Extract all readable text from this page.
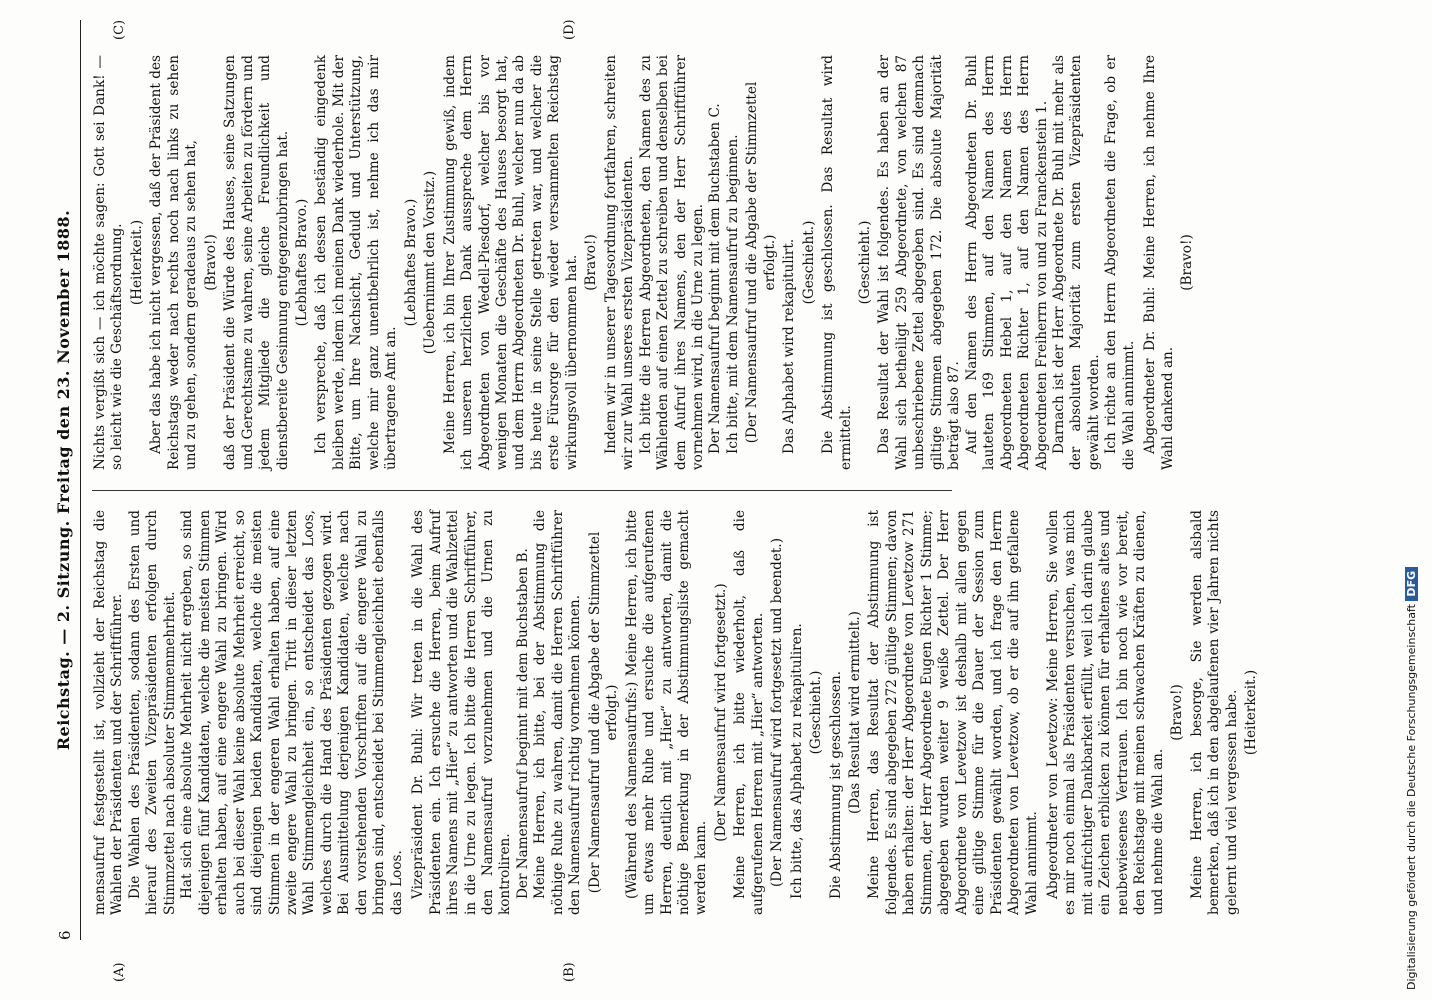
6
Reichstag. — 2. Sitzung. Freitag den 23. November 1888.
(A)	(B)
(C)	(D)

mensaufruf festgestellt ist, vollzieht der Reichstag die Wahlen der Präsidenten und der Schriftführer. Die Wahlen des Präsidenten, sodann des Ersten und hierauf des Zweiten Vizepräsidenten erfolgen durch Stimmzettel nach absoluter Stimmenmehrheit. Hat sich eine absolute Mehrheit nicht ergeben, so sind diejenigen fünf Kandidaten, welche die meisten Stimmen erhalten haben, auf eine engere Wahl zu bringen. Wird auch bei dieser Wahl keine absolute Mehrheit erreicht, so sind diejenigen beiden Kandidaten, welche die meisten Stimmen in der engeren Wahl erhalten haben, auf eine zweite engere Wahl zu bringen. Tritt in dieser letzten Wahl Stimmengleichheit ein, so entscheidet das Loos, welches durch die Hand des Präsidenten gezogen wird. Bei Ausmittelung derjenigen Kandidaten, welche nach den vorstehenden Vorschriften auf die engere Wahl zu bringen sind, entscheidet bei Stimmengleichheit ebenfalls das Loos. Vizepräsident Dr. Buhl: Wir treten in die Wahl des Präsidenten ein. Ich ersuche die Herren, beim Aufruf ihres Namens mit „Hier“ zu antworten und die Wahlzettel in die Urne zu legen. Ich bitte die Herren Schriftführer, den Namensaufruf vorzunehmen und die Urnen zu kontroliren. Der Namensaufruf beginnt mit dem Buchstaben B. Meine Herren, ich bitte, bei der Abstimmung die nöthige Ruhe zu wahren, damit die Herren Schriftführer den Namensaufruf richtig vornehmen können. (Der Namensaufruf und die Abgabe der Stimmzettel erfolgt.) (Während des Namensaufrufs:) Meine Herren, ich bitte um etwas mehr Ruhe und ersuche die aufgerufenen Herren, deutlich mit „Hier“ zu antworten, damit die nöthige Bemerkung in der Abstimmungsliste gemacht werden kann.

(Der Namensaufruf wird fortgesetzt.) Meine Herren, ich bitte wiederholt, daß die aufgerufenen Herren mit „Hier“ antworten. (Der Namensaufruf wird fortgesetzt und beendet.) Ich bitte, das Alphabet zu rekapituliren. (Geschieht.) Die Abstimmung ist geschlossen. (Das Resultat wird ermittelt.) Meine Herren, das Resultat der Abstimmung ist folgendes. Es sind abgegeben 272 gültige Stimmen; davon haben erhalten: der Herr Abgeordnete von Levetzow 271 Stimmen, der Herr Abgeordnete Eugen Richter 1 Stimme; abgegeben wurden weiter 9 weiße Zettel. Der Herr Abgeordnete von Levetzow ist deshalb mit allen gegen eine giltige Stimme für die Dauer der Session zum Präsidenten gewählt worden, und ich frage den Herrn Abgeordneten von Levetzow, ob er die auf ihn gefallene Wahl annimmt. Abgeordneter von Levetzow: Meine Herren, Sie wollen es mir noch einmal als Präsidenten versuchen, was mich mit aufrichtiger Dankbarkeit erfüllt, weil ich darin glaube ein Zeichen erblicken zu können für erhaltenes altes und neubewiesenes Vertrauen. Ich bin noch wie vor bereit, den Reichstage mit meinen schwachen Kräften zu dienen, und nehme die Wahl an.

(Bravo!) Meine Herren, ich besorge, Sie werden alsbald bemerken, daß ich in den abgelaufenen vier Jahren nichts gelernt und viel vergessen habe. (Heiterkeit.)

Nichts vergißt sich — ich möchte sagen: Gott sei Dank! — so leicht wie die Geschäftsordnung. (Heiterkeit.) Aber das habe ich nicht vergessen, daß der Präsident des Reichstags weder nach rechts noch nach links zu sehen und zu gehen, sondern geradeaus zu sehen hat, (Bravo!) daß der Präsident die Würde des Hauses, seine Satzungen und Gerechtsame zu wahren, seine Arbeiten zu fördern und jedem Mitgliede die gleiche Freundlichkeit und dienstbereite Gesinnung entgegenzubringen hat. (Lebhaftes Bravo.) Ich verspreche, daß ich dessen beständig eingedenk bleiben werde, indem ich meinen Dank wiederhole. Mit der Bitte, um Ihre Nachsicht, Geduld und Unterstützung, welche mir ganz unentbehrlich ist, nehme ich das mir übertragene Amt an.

(Lebhaftes Bravo.) (Uebernimmt den Vorsitz.) Meine Herren, ich bin Ihrer Zustimmung gewiß, indem ich unseren herzlichen Dank ausspreche dem Herrn Abgeordneten von Wedell-Piesdorf, welcher bis vor wenigen Monaten die Geschäfte des Hauses besorgt hat, und dem Herrn Abgeordneten Dr. Buhl, welcher nun da ab bis heute in seine Stelle getreten war, und welcher die erste Fürsorge für den wieder versammelten Reichstag wirkungsvoll übernommen hat. (Bravo!) Indem wir in unserer Tagesordnung fortfahren, schreiten wir zur Wahl unseres ersten Vizepräsidenten. Ich bitte die Herren Abgeordneten, den Namen des zu Wählenden auf einen Zettel zu schreiben und denselben bei dem Aufruf ihres Namens, den der Herr Schriftführer vornehmen wird, in die Urne zu legen. Der Namensaufruf beginnt mit dem Buchstaben C. Ich bitte, mit dem Namensaufruf zu beginnen. (Der Namensaufruf und die Abgabe der Stimmzettel erfolgt.) Das Alphabet wird rekapitulirt. (Geschieht.) Die Abstimmung ist geschlossen. Das Resultat wird ermittelt.

(Geschieht.) Das Resultat der Wahl ist folgendes. Es haben an der Wahl sich betheiligt 259 Abgeordnete, von welchen 87 unbeschriebene Zettel abgegeben sind. Es sind demnach giltige Stimmen abgegeben 172. Die absolute Majorität beträgt also 87. Auf den Namen des Herrn Abgeordneten Dr. Buhl lauteten 169 Stimmen, auf den Namen des Herrn Abgeordneten Hebel 1, auf den Namen des Herrn Abgeordneten Richter 1, auf den Namen des Herrn Abgeordneten Freiherrn von und zu Franckenstein 1. Darnach ist der Herr Abgeordnete Dr. Buhl mit mehr als der absoluten Majorität zum ersten Vizepräsidenten gewählt worden. Ich richte an den Herrn Abgeordneten die Frage, ob er die Wahl annimmt. Abgeordneter Dr. Buhl: Meine Herren, ich nehme Ihre Wahl dankend an.

(Bravo!)

Digitalisierung gefördert durch die Deutsche Forschungsgemeinschaft DFG
